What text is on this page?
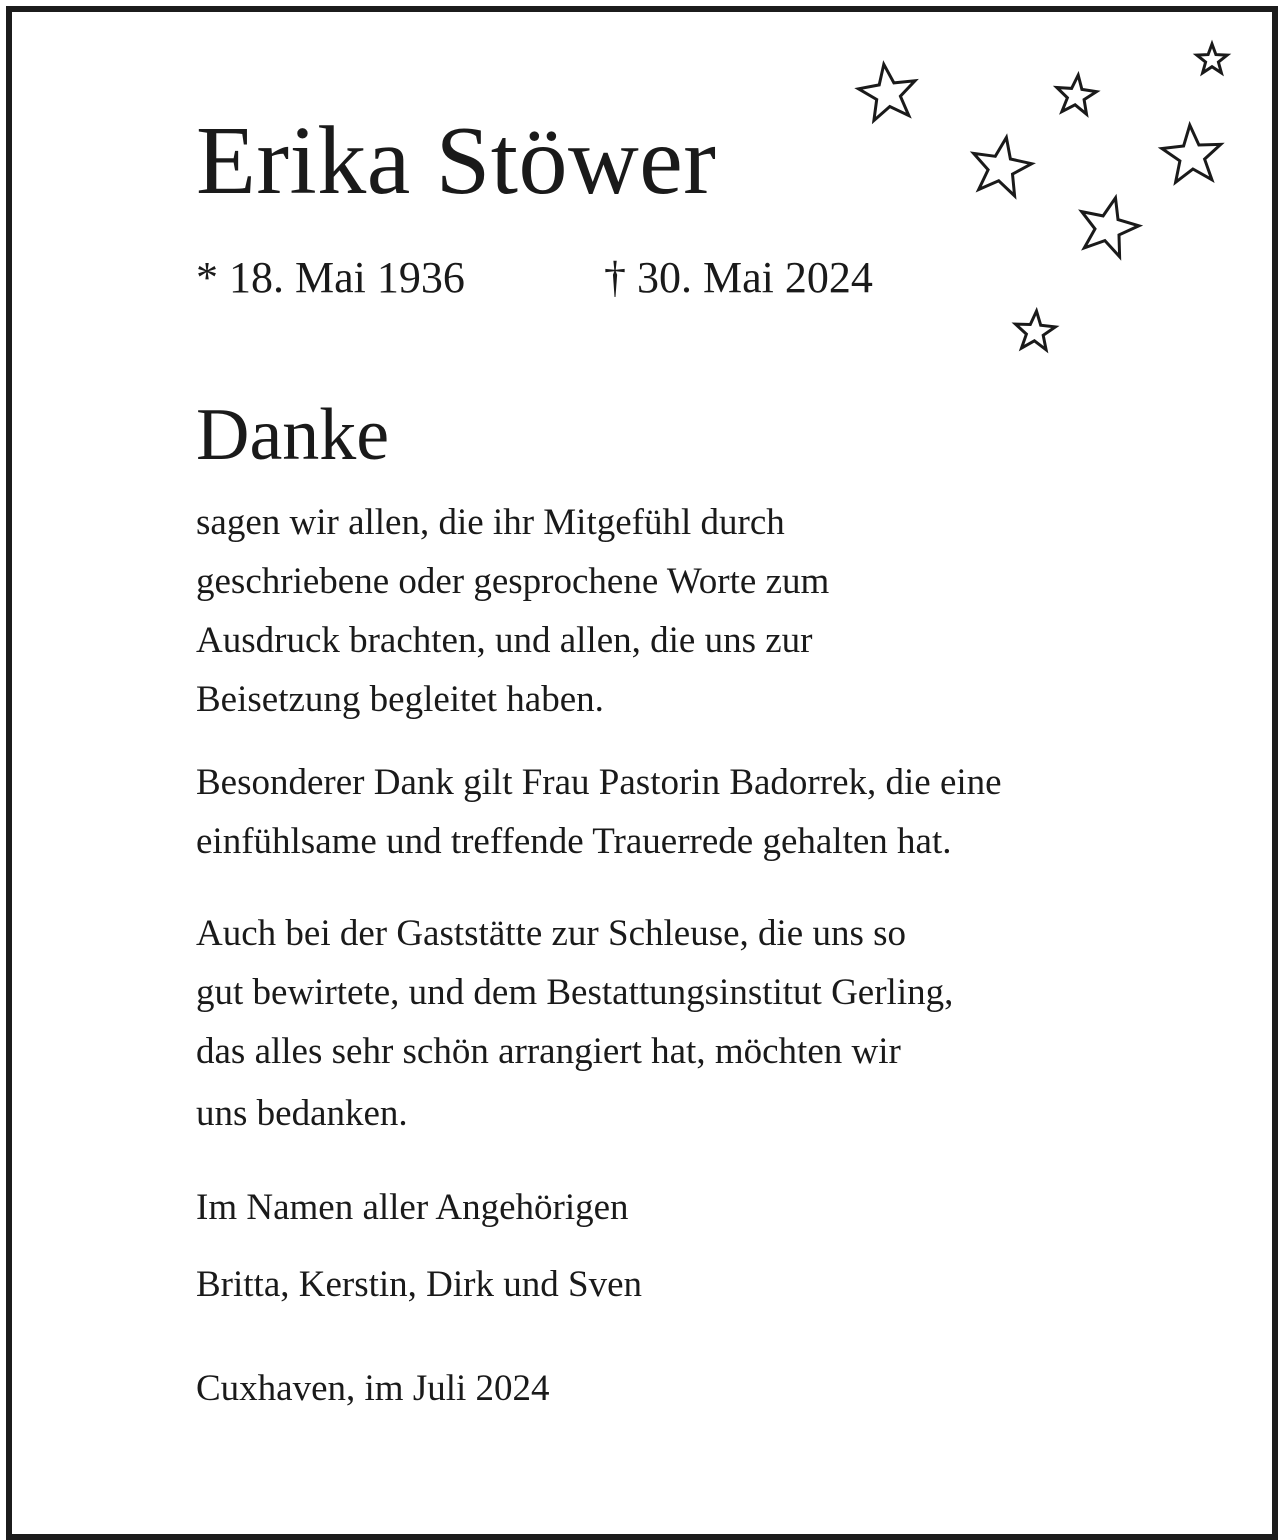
Erika Stöwer
* 18. Mai 1936	† 30. Mai 2024
Danke

sagen wir allen, die ihr Mitgefühl durch
geschriebene oder gesprochene Worte zum
Ausdruck brachten, und allen, die uns zur
Beisetzung begleitet haben.

Besonderer Dank gilt Frau Pastorin Badorrek, die eine
einfühlsame und treffende Trauerrede gehalten hat.

Auch bei der Gaststätte zur Schleuse, die uns so
gut bewirtete, und dem Bestattungsinstitut Gerling,
das alles sehr schön arrangiert hat, möchten wir
uns bedanken.

Im Namen aller Angehörigen

Britta, Kerstin, Dirk und Sven

Cuxhaven, im Juli 2024
